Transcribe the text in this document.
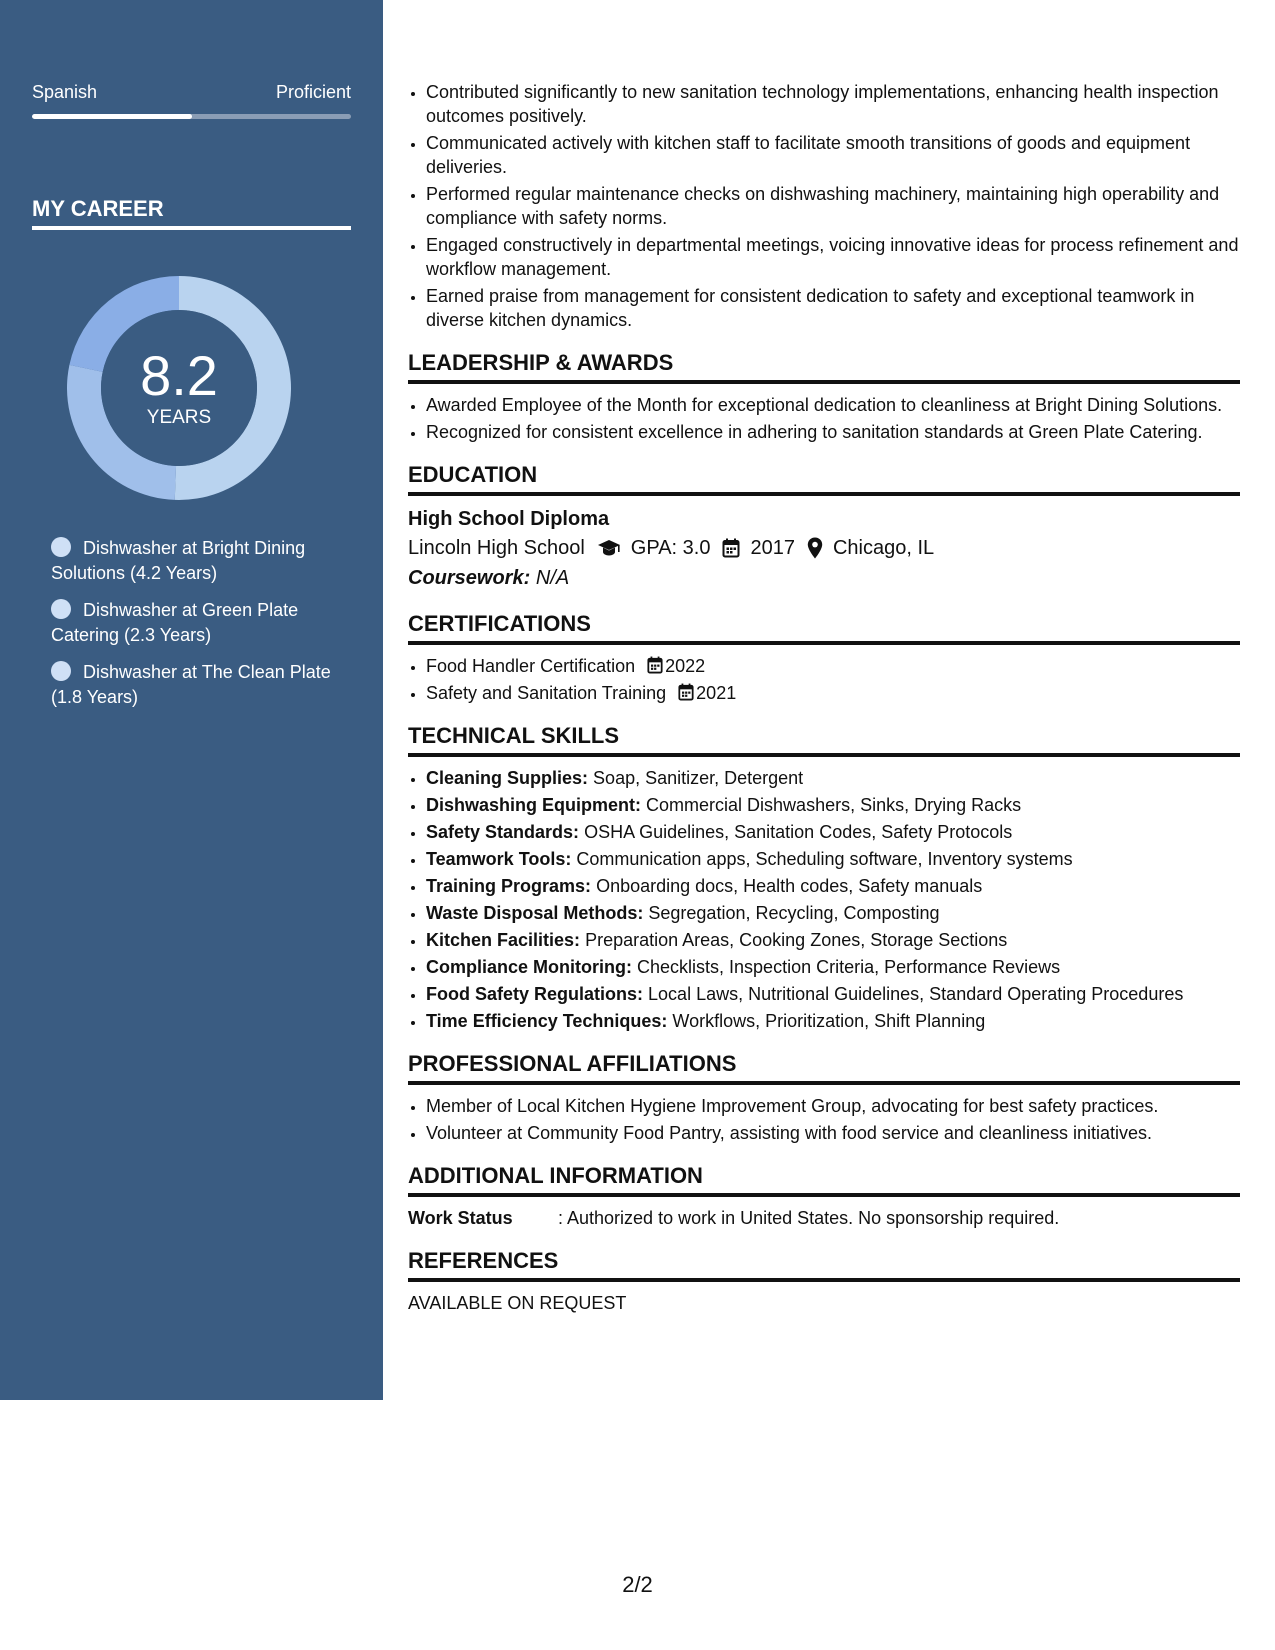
Spanish	Proficient
MY CAREER
8.2
YEARS
Dishwasher at Bright Dining Solutions (4.2 Years)
Dishwasher at Green Plate Catering (2.3 Years)
Dishwasher at The Clean Plate (1.8 Years)
• Contributed significantly to new sanitation technology implementations, enhancing health inspection outcomes positively.
• Communicated actively with kitchen staff to facilitate smooth transitions of goods and equipment deliveries.
• Performed regular maintenance checks on dishwashing machinery, maintaining high operability and compliance with safety norms.
• Engaged constructively in departmental meetings, voicing innovative ideas for process refinement and workflow management.
• Earned praise from management for consistent dedication to safety and exceptional teamwork in diverse kitchen dynamics.
LEADERSHIP & AWARDS
• Awarded Employee of the Month for exceptional dedication to cleanliness at Bright Dining Solutions.
• Recognized for consistent excellence in adhering to sanitation standards at Green Plate Catering.
EDUCATION
High School Diploma
Lincoln High School GPA: 3.0 2017 Chicago, IL
Coursework: N/A
CERTIFICATIONS
• Food Handler Certification 2022
• Safety and Sanitation Training 2021
TECHNICAL SKILLS
• Cleaning Supplies: Soap, Sanitizer, Detergent
• Dishwashing Equipment: Commercial Dishwashers, Sinks, Drying Racks
• Safety Standards: OSHA Guidelines, Sanitation Codes, Safety Protocols
• Teamwork Tools: Communication apps, Scheduling software, Inventory systems
• Training Programs: Onboarding docs, Health codes, Safety manuals
• Waste Disposal Methods: Segregation, Recycling, Composting
• Kitchen Facilities: Preparation Areas, Cooking Zones, Storage Sections
• Compliance Monitoring: Checklists, Inspection Criteria, Performance Reviews
• Food Safety Regulations: Local Laws, Nutritional Guidelines, Standard Operating Procedures
• Time Efficiency Techniques: Workflows, Prioritization, Shift Planning
PROFESSIONAL AFFILIATIONS
• Member of Local Kitchen Hygiene Improvement Group, advocating for best safety practices.
• Volunteer at Community Food Pantry, assisting with food service and cleanliness initiatives.
ADDITIONAL INFORMATION
Work Status	: Authorized to work in United States. No sponsorship required.
REFERENCES
AVAILABLE ON REQUEST
2/2
